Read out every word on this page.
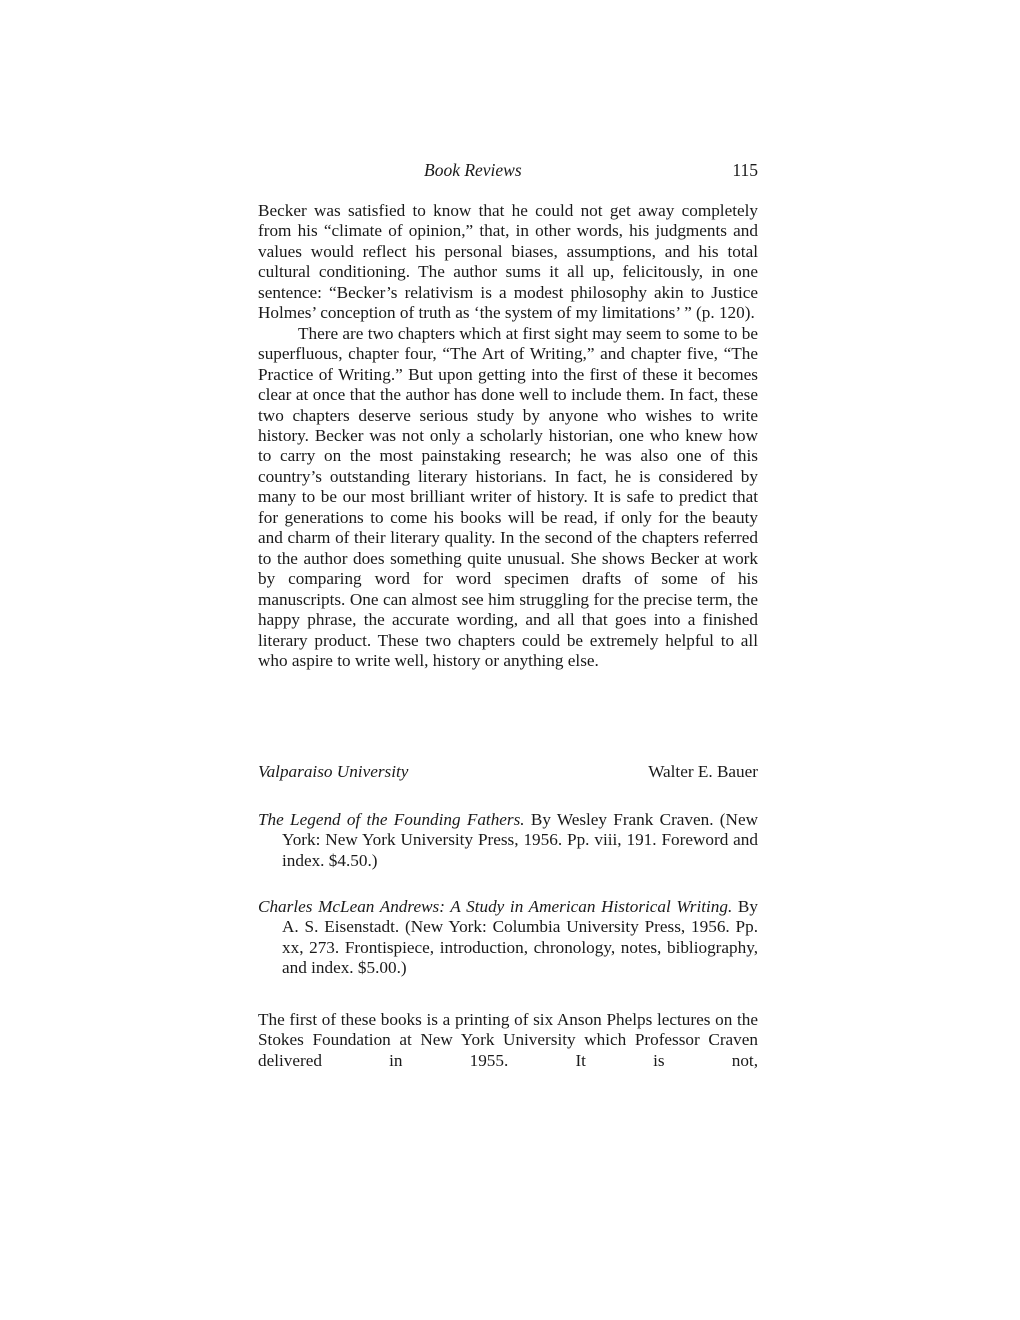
Book Reviews	115

Becker was satisfied to know that he could not get away completely from his “climate of opinion,” that, in other words, his judgments and values would reflect his personal biases, assumptions, and his total cultural conditioning. The author sums it all up, felicitously, in one sentence: “Becker’s relativism is a modest philosophy akin to Justice Holmes’ conception of truth as ‘the system of my limitations’ ” (p. 120).

There are two chapters which at first sight may seem to some to be superfluous, chapter four, “The Art of Writing,” and chapter five, “The Practice of Writing.” But upon getting into the first of these it becomes clear at once that the author has done well to include them. In fact, these two chapters deserve serious study by anyone who wishes to write history. Becker was not only a scholarly historian, one who knew how to carry on the most painstaking research; he was also one of this country’s outstanding literary historians. In fact, he is considered by many to be our most brilliant writer of history. It is safe to predict that for generations to come his books will be read, if only for the beauty and charm of their literary quality. In the second of the chapters referred to the author does something quite unusual. She shows Becker at work by comparing word for word specimen drafts of some of his manuscripts. One can almost see him struggling for the precise term, the happy phrase, the accurate wording, and all that goes into a finished literary product. These two chapters could be extremely helpful to all who aspire to write well, history or anything else.

Valparaiso University	Walter E. Bauer

The Legend of the Founding Fathers. By Wesley Frank Craven. (New York: New York University Press, 1956. Pp. viii, 191. Foreword and index. $4.50.)

Charles McLean Andrews: A Study in American Historical Writing. By A. S. Eisenstadt. (New York: Columbia University Press, 1956. Pp. xx, 273. Frontispiece, introduction, chronology, notes, bibliography, and index. $5.00.)

The first of these books is a printing of six Anson Phelps lectures on the Stokes Foundation at New York University which Professor Craven delivered in 1955. It is not,
